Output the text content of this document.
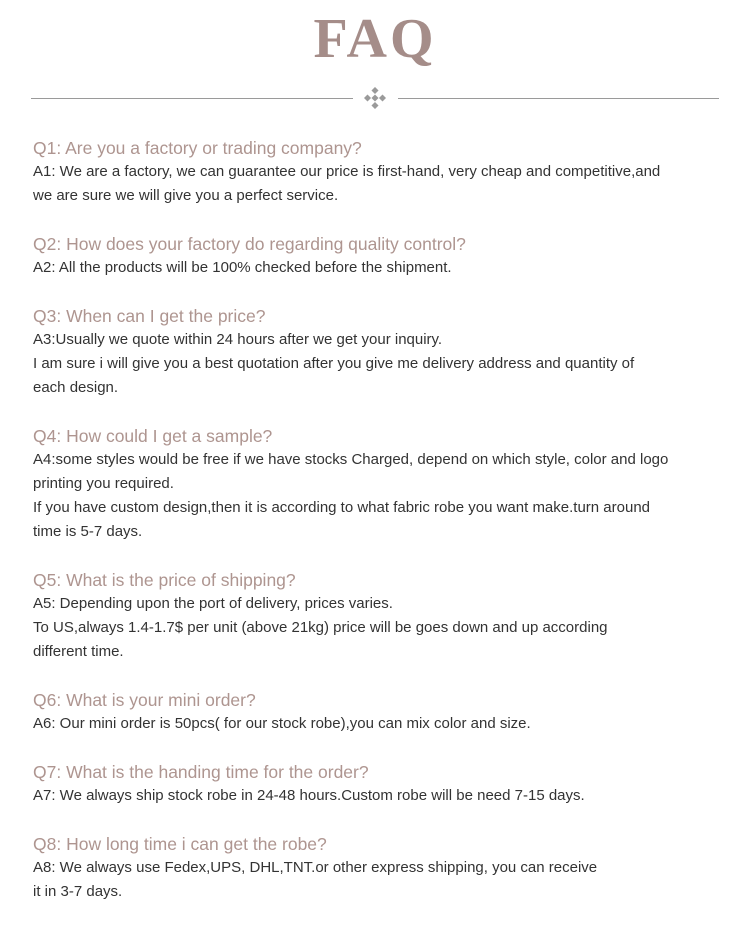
FAQ

Q1: Are you a factory or trading company?

A1: We are a factory, we can guarantee our price is first-hand, very cheap and competitive,and
we are sure we will give you a perfect service.

Q2: How does your factory do regarding quality control?

A2: All the products will be 100% checked before the shipment.

Q3: When can I get the price?

A3:Usually we quote within 24 hours after we get your inquiry.
I am sure i will give you a best quotation after you give me delivery address and quantity of
each design.

Q4: How could I get a sample?

A4:some styles would be free if we have stocks Charged, depend on which style, color and logo
printing you required.
If you have custom design,then it is according to what fabric robe you want make.turn around
time is 5-7 days.

Q5: What is the price of shipping?

A5: Depending upon the port of delivery, prices varies.
To US,always 1.4-1.7$ per unit (above 21kg) price will be goes down and up according
different time.

Q6: What is your mini order?

A6: Our mini order is 50pcs( for our stock robe),you can mix color and size.

Q7: What is the handing time for the order?

A7: We always ship stock robe in 24-48 hours.Custom robe will be need 7-15 days.

Q8: How long time i can get the robe?

A8: We always use Fedex,UPS, DHL,TNT.or other express shipping, you can receive
it in 3-7 days.
